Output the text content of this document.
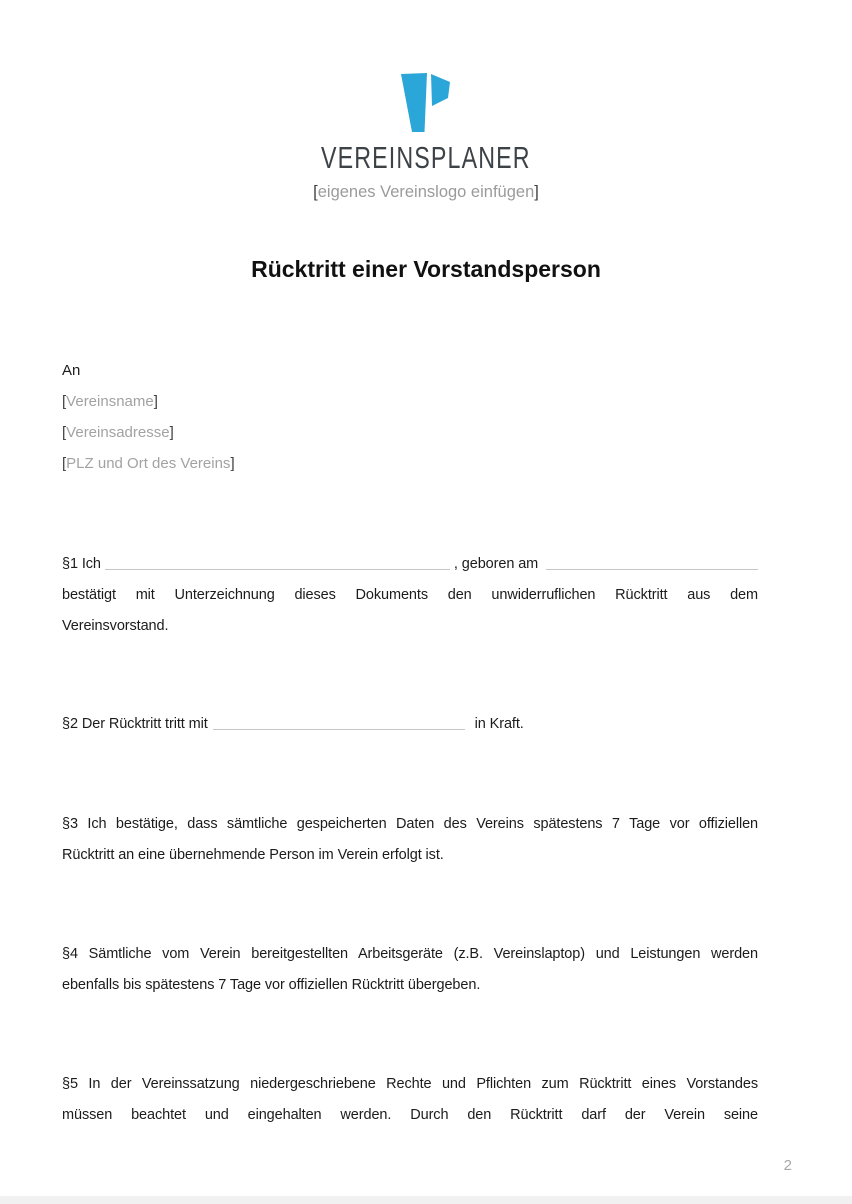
VEREINSPLANER
[eigenes Vereinslogo einfügen]
Rücktritt einer Vorstandsperson
An
[Vereinsname]
[Vereinsadresse]
[PLZ und Ort des Vereins]
§1 Ich	, geboren am
bestätigt mit Unterzeichnung dieses Dokuments den unwiderruflichen Rücktritt aus dem
Vereinsvorstand.
§2 Der Rücktritt tritt mit	in Kraft.
§3 Ich bestätige, dass sämtliche gespeicherten Daten des Vereins spätestens 7 Tage vor offiziellen
Rücktritt an eine übernehmende Person im Verein erfolgt ist.
§4 Sämtliche vom Verein bereitgestellten Arbeitsgeräte (z.B. Vereinslaptop) und Leistungen werden
ebenfalls bis spätestens 7 Tage vor offiziellen Rücktritt übergeben.
§5 In der Vereinssatzung niedergeschriebene Rechte und Pflichten zum Rücktritt eines Vorstandes
müssen beachtet und eingehalten werden. Durch den Rücktritt darf der Verein seine
2
